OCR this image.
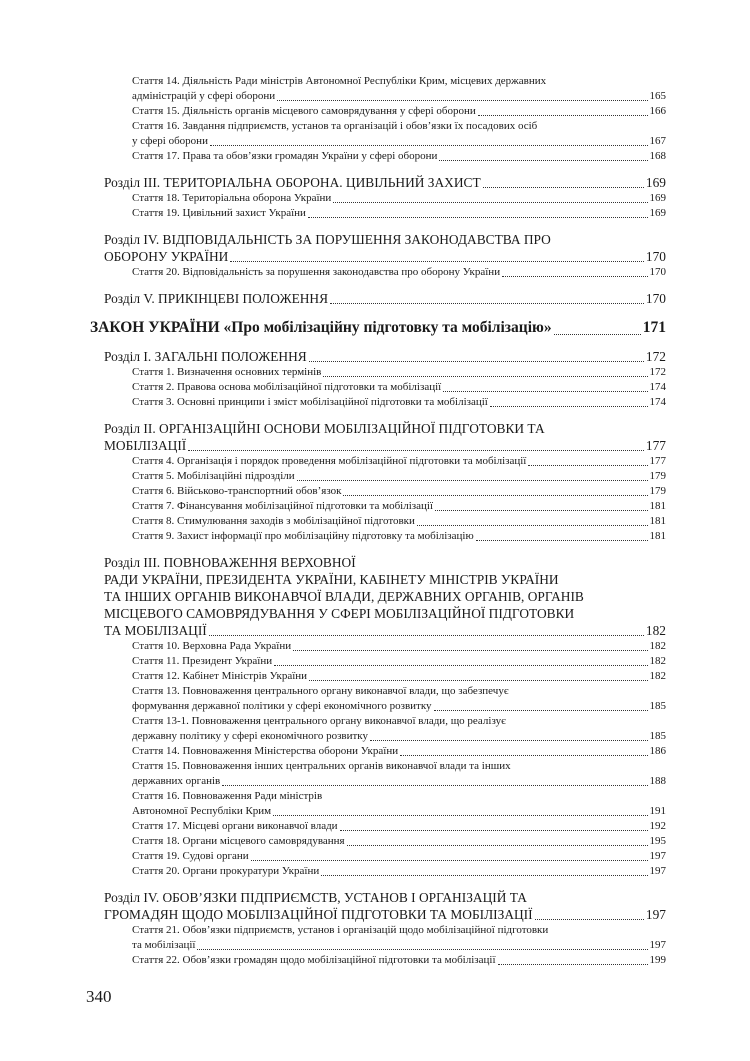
Стаття 14. Діяльність Ради міністрів Автономної Республіки Крим, місцевих державних
адміністрацій у сфері оборони	165
Стаття 15. Діяльність органів місцевого самоврядування у сфері оборони	166
Стаття 16. Завдання підприємств, установ та організацій і обов’язки їх посадових осіб
у сфері оборони	167
Стаття 17. Права та обов’язки громадян України у сфері оборони	168
Розділ ІІІ. ТЕРИТОРІАЛЬНА ОБОРОНА. ЦИВІЛЬНИЙ ЗАХИСТ	169
Стаття 18. Територіальна оборона України	169
Стаття 19. Цивільний захист України	169
Розділ IV. ВІДПОВІДАЛЬНІСТЬ ЗА ПОРУШЕННЯ ЗАКОНОДАВСТВА ПРО
ОБОРОНУ УКРАЇНИ	170
Стаття 20. Відповідальність за порушення законодавства про оборону України	170
Розділ V. ПРИКІНЦЕВІ ПОЛОЖЕННЯ	170
ЗАКОН УКРАЇНИ «Про мобілізаційну підготовку та мобілізацію»	171
Розділ І. ЗАГАЛЬНІ ПОЛОЖЕННЯ	172
Стаття 1. Визначення основних термінів	172
Стаття 2. Правова основа мобілізаційної підготовки та мобілізації	174
Стаття 3. Основні принципи і зміст мобілізаційної підготовки та мобілізації	174
Розділ ІІ. ОРГАНІЗАЦІЙНІ ОСНОВИ МОБІЛІЗАЦІЙНОЇ ПІДГОТОВКИ ТА
МОБІЛІЗАЦІЇ	177
Стаття 4. Організація і порядок проведення мобілізаційної підготовки та мобілізації	177
Стаття 5. Мобілізаційні підрозділи	179
Стаття 6. Військово-транспортний обов’язок	179
Стаття 7. Фінансування мобілізаційної підготовки та мобілізації	181
Стаття 8. Стимулювання заходів з мобілізаційної підготовки	181
Стаття 9. Захист інформації про мобілізаційну підготовку та мобілізацію	181
Розділ ІІІ. ПОВНОВАЖЕННЯ ВЕРХОВНОЇ
РАДИ УКРАЇНИ, ПРЕЗИДЕНТА УКРАЇНИ, КАБІНЕТУ МІНІСТРІВ УКРАЇНИ
ТА ІНШИХ ОРГАНІВ ВИКОНАВЧОЇ ВЛАДИ, ДЕРЖАВНИХ ОРГАНІВ, ОРГАНІВ
МІСЦЕВОГО САМОВРЯДУВАННЯ У СФЕРІ МОБІЛІЗАЦІЙНОЇ ПІДГОТОВКИ
ТА МОБІЛІЗАЦІЇ	182
Стаття 10. Верховна Рада України	182
Стаття 11. Президент України	182
Стаття 12. Кабінет Міністрів України	182
Стаття 13. Повноваження центрального органу виконавчої влади, що забезпечує
формування державної політики у сфері економічного розвитку	185
Стаття 13-1. Повноваження центрального органу виконавчої влади, що реалізує
державну політику у сфері економічного розвитку	185
Стаття 14. Повноваження Міністерства оборони України	186
Стаття 15. Повноваження інших центральних органів виконавчої влади та інших
державних органів	188
Стаття 16. Повноваження Ради міністрів
Автономної Республіки Крим	191
Стаття 17. Місцеві органи виконавчої влади	192
Стаття 18. Органи місцевого самоврядування	195
Стаття 19. Судові органи	197
Стаття 20. Органи прокуратури України	197
Розділ IV. ОБОВ’ЯЗКИ ПІДПРИЄМСТВ, УСТАНОВ І ОРГАНІЗАЦІЙ ТА
ГРОМАДЯН ЩОДО МОБІЛІЗАЦІЙНОЇ ПІДГОТОВКИ ТА МОБІЛІЗАЦІЇ	197
Стаття 21. Обов’язки підприємств, установ і організацій щодо мобілізаційної підготовки
та мобілізації	197
Стаття 22. Обов’язки громадян щодо мобілізаційної підготовки та мобілізації	199
340
